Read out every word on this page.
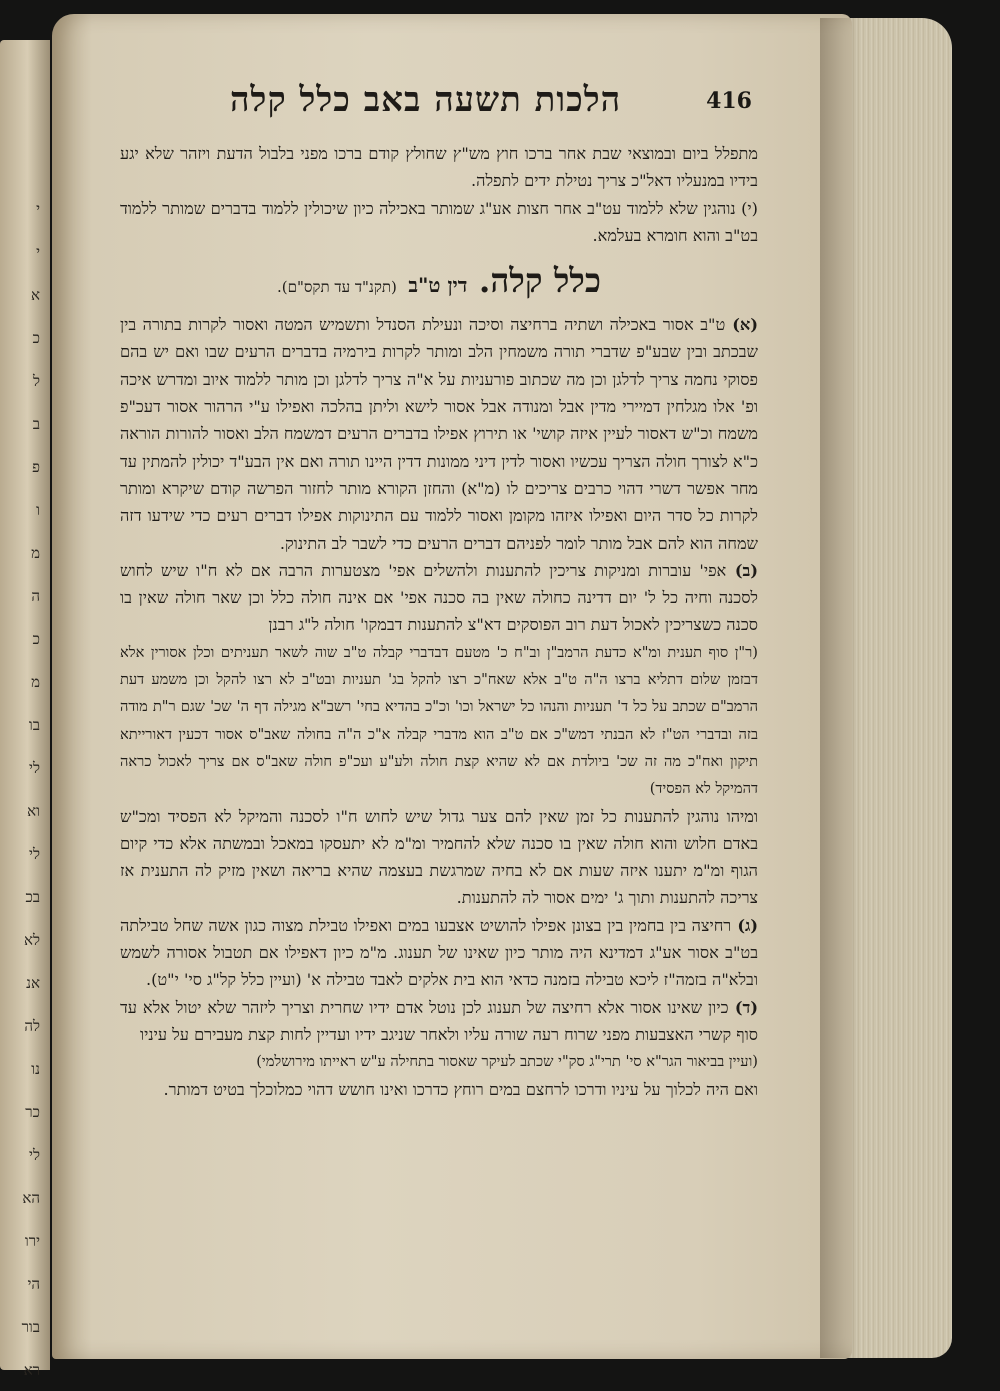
י
י
א
כ
ל
ב
פ
ו
מ
ה
כ
מ
בו
לי
וא
לי
בכ
לא
אנ
לה
נו
כר
לי
הא
ירו
הי
בור
רא
416
הלכות תשעה באב כלל קלה

מתפלל ביום ובמוצאי שבת אחר ברכו חוץ מש"ץ שחולץ קודם ברכו מפני בלבול הדעת ויזהר שלא יגע בידיו במנעליו דאל"כ צריך נטילת ידים לתפלה.

(י) נוהגין שלא ללמוד עט"ב אחר חצות אע"ג שמותר באכילה כיון שיכולין ללמוד בדברים שמותר ללמוד בט"ב והוא חומרא בעלמא.

כלל קלה. דין ט"ב (תקנ"ד עד תקס"ם).

(א) ט"ב אסור באכילה ושתיה ברחיצה וסיכה ונעילת הסנדל ותשמיש המטה ואסור לקרות בתורה בין שבכתב ובין שבע"פ שדברי תורה משמחין הלב ומותר לקרות בירמיה בדברים הרעים שבו ואם יש בהם פסוקי נחמה צריך לדלגן וכן מה שכתוב פורעניות על א"ה צריך לדלגן וכן מותר ללמוד איוב ומדרש איכה ופ' אלו מגלחין דמיירי מדין אבל ומנודה אבל אסור לישא וליתן בהלכה ואפילו ע"י הרהור אסור דעכ"פ משמח וכ"ש דאסור לעיין איזה קושי' או תירוץ אפילו בדברים הרעים דמשמח הלב ואסור להורות הוראה כ"א לצורך חולה הצריך עכשיו ואסור לדין דיני ממונות דדין היינו תורה ואם אין הבע"ד יכולין להמתין עד מחר אפשר דשרי דהוי כרבים צריכים לו (מ"א) והחזן הקורא מותר לחזור הפרשה קודם שיקרא ומותר לקרות כל סדר היום ואפילו איזהו מקומן ואסור ללמוד עם התינוקות אפילו דברים רעים כדי שידעו דזה שמחה הוא להם אבל מותר לומר לפניהם דברים הרעים כדי לשבר לב התינוק.

(ב) אפי' עוברות ומניקות צריכין להתענות ולהשלים אפי' מצטערות הרבה אם לא ח"ו שיש לחוש לסכנה וחיה כל ל' יום דדינה כחולה שאין בה סכנה אפי' אם אינה חולה כלל וכן שאר חולה שאין בו סכנה כשצריכין לאכול דעת רוב הפוסקים דא"צ להתענות דבמקו' חולה ל"ג רבנן

(ר"ן סוף תענית ומ"א כדעת הרמב"ן וב"ח כ' מטעם דבדברי קבלה ט"ב שוה לשאר תעניתים וכלן אסורין אלא דבזמן שלום דתליא ברצו ה"ה ט"ב אלא שאח"כ רצו להקל בג' תעניות ובט"ב לא רצו להקל וכן משמע דעת הרמב"ם שכתב על כל ד' תעניות והנהו כל ישראל וכו' וכ"כ בהדיא בחי' רשב"א מגילה דף ה' שכ' שגם ר"ת מודה בזה ובדברי הט"ז לא הבנתי דמש"כ אם ט"ב הוא מדברי קבלה א"כ ה"ה בחולה שאב"ס אסור דכעין דאורייתא תיקון ואח"כ מה זה שכ' ביולדת אם לא שהיא קצת חולה ולע"ע ועכ"פ חולה שאב"ס אם צריך לאכול כראה דהמיקל לא הפסיד)

ומיהו נוהגין להתענות כל זמן שאין להם צער גדול שיש לחוש ח"ו לסכנה והמיקל לא הפסיד ומכ"ש באדם חלוש והוא חולה שאין בו סכנה שלא להחמיר ומ"מ לא יתעסקו במאכל ובמשתה אלא כדי קיום הגוף ומ"מ יתענו איזה שעות אם לא בחיה שמרגשת בעצמה שהיא בריאה ושאין מזיק לה התענית אז צריכה להתענות ותוך ג' ימים אסור לה להתענות.

(ג) רחיצה בין בחמין בין בצונן אפילו להושיט אצבעו במים ואפילו טבילת מצוה כגון אשה שחל טבילתה בט"ב אסור אע"ג דמדינא היה מותר כיון שאינו של תענוג. מ"מ כיון דאפילו אם תטבול אסורה לשמש ובלא"ה בזמה"ז ליכא טבילה בזמנה כדאי הוא בית אלקים לאבד טבילה א' (ועיין כלל קל"ג סי' י"ט).

(ד) כיון שאינו אסור אלא רחיצה של תענוג לכן נוטל אדם ידיו שחרית וצריך ליזהר שלא יטול אלא עד סוף קשרי האצבעות מפני שרוח רעה שורה עליו ולאחר שניגב ידיו ועדיין לחות קצת מעבירם על עיניו

(ועיין בביאור הגר"א סי' תרי"ג סק"י שכתב לעיקר שאסור בתחילה ע"ש ראייתו מירושלמי)

ואם היה לכלוך על עיניו ודרכו לרחצם במים רוחץ כדרכו ואינו חושש דהוי כמלוכלך בטיט דמותר.
